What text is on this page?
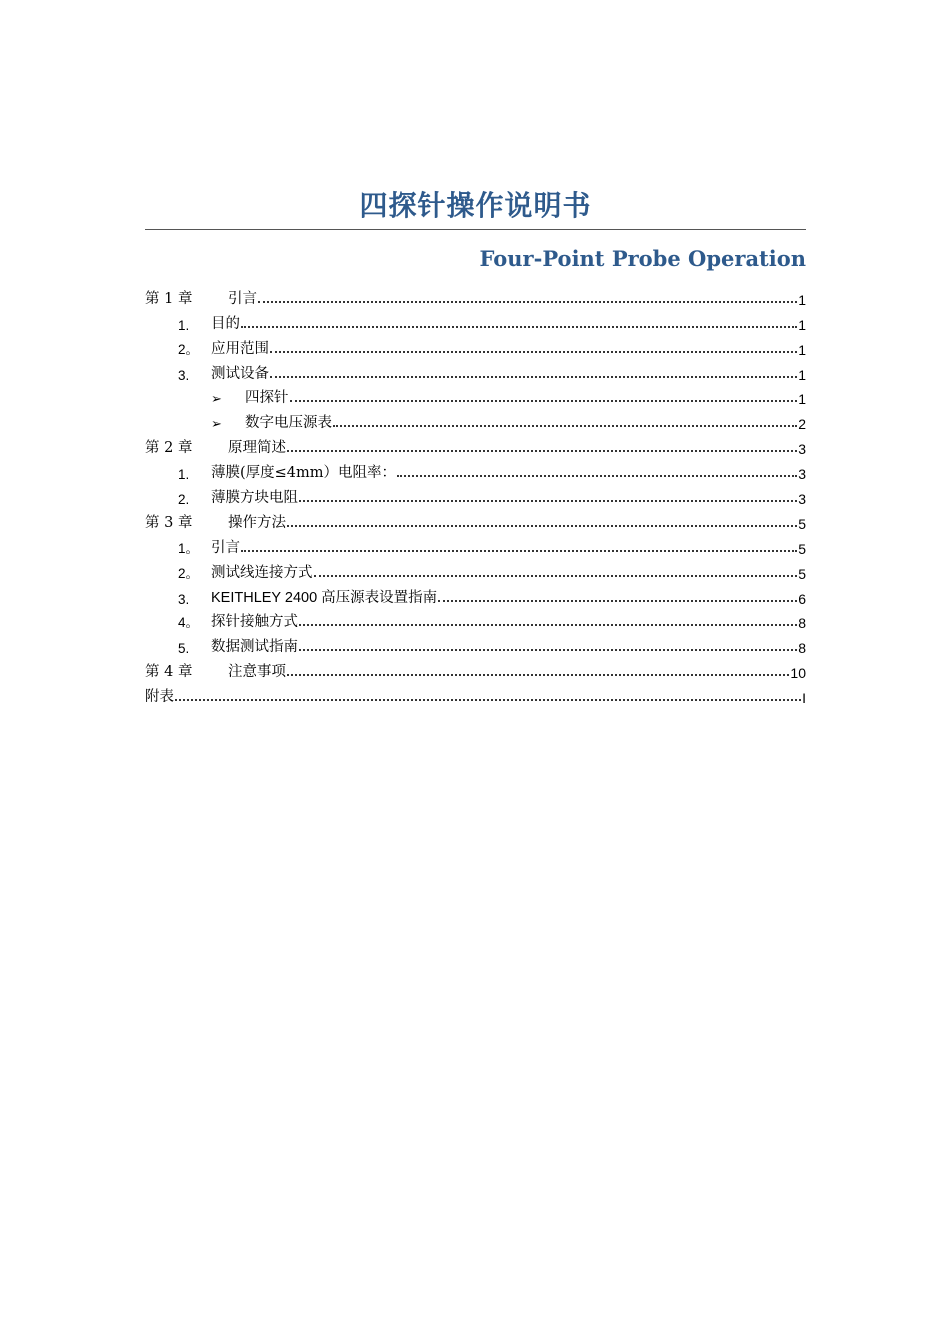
四探针操作说明书
Four-Point Probe Operation
第 1 章	引言	1
1.	目的	1
2。 应用范围	1
3.	测试设备	1
➢	四探针	1
➢	数字电压源表	2
第 2 章	原理简述	3
1.	薄膜(厚度≤4mm）电阻率：	3
2.	薄膜方块电阻	3
第 3 章	操作方法	5
1。 引言	5
2。 测试线连接方式	5
3.	KEITHLEY 2400 高压源表设置指南	6
4。 探针接触方式	8
5.	数据测试指南	8
第 4 章	注意事项	10
附表	I
